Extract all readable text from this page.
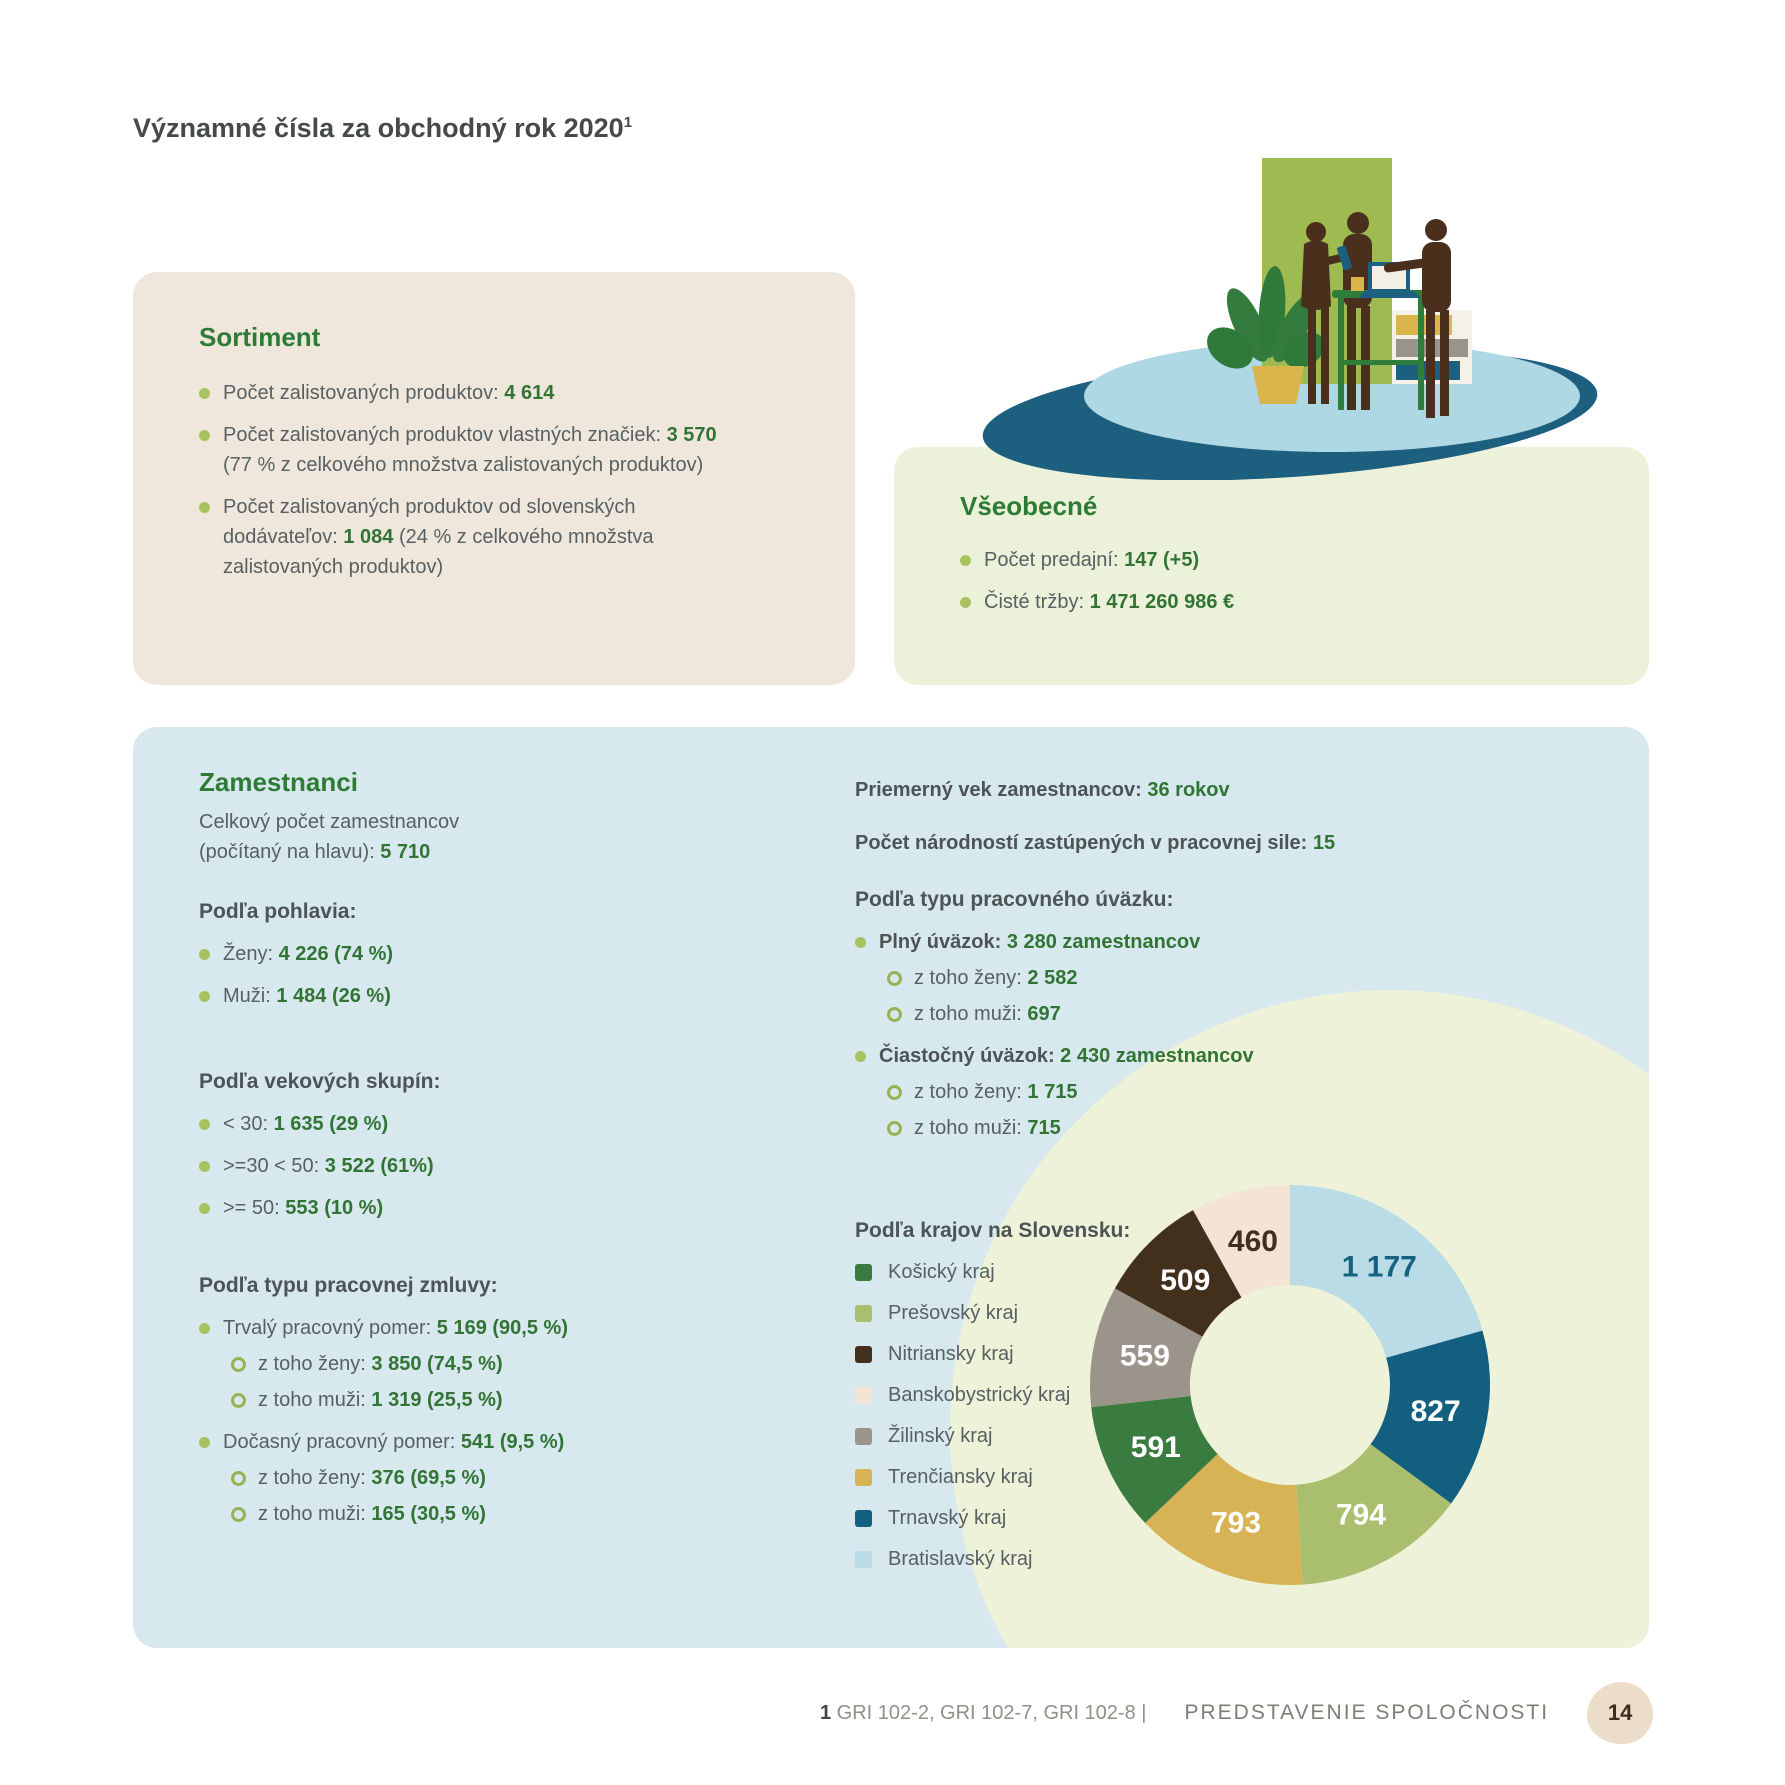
Významné čísla za obchodný rok 2020$^1$
Sortiment
Počet zalistovaných produktov: 4 614
Počet zalistovaných produktov vlastných značiek: 3 570
(77 % z celkového množstva zalistovaných produktov)
Počet zalistovaných produktov od slovenských
dodávateľov: 1 084 (24 % z celkového množstva
zalistovaných produktov)
Všeobecné
Počet predajní: 147 (+5)
Čisté tržby: 1 471 260 986 €
Zamestnanci
Celkový počet zamestnancov
(počítaný na hlavu): 5 710
Podľa pohlavia:
Ženy: 4 226 (74 %)
Muži: 1 484 (26 %)
Podľa vekových skupín:
< 30: 1 635 (29 %)
>=30 < 50: 3 522 (61%)
>= 50: 553 (10 %)
Podľa typu pracovnej zmluvy:
Trvalý pracovný pomer: 5 169 (90,5 %)
z toho ženy: 3 850 (74,5 %)
z toho muži: 1 319 (25,5 %)
Dočasný pracovný pomer: 541 (9,5 %)
z toho ženy: 376 (69,5 %)
z toho muži: 165 (30,5 %)
Priemerný vek zamestnancov: 36 rokov
Počet národností zastúpených v pracovnej sile: 15
Podľa typu pracovného úväzku:
Plný úväzok: 3 280 zamestnancov
z toho ženy: 2 582
z toho muži: 697
Čiastočný úväzok: 2 430 zamestnancov
z toho ženy: 1 715
z toho muži: 715
Podľa krajov na Slovensku:
Košický kraj
Prešovský kraj
Nitriansky kraj
Banskobystrický kraj
Žilinský kraj
Trenčiansky kraj
Trnavský kraj
Bratislavský kraj
1 177
827
794
793
591
559
509
460
1 GRI 102-2, GRI 102-7, GRI 102-8 | PREDSTAVENIE SPOLOČNOSTI	14
